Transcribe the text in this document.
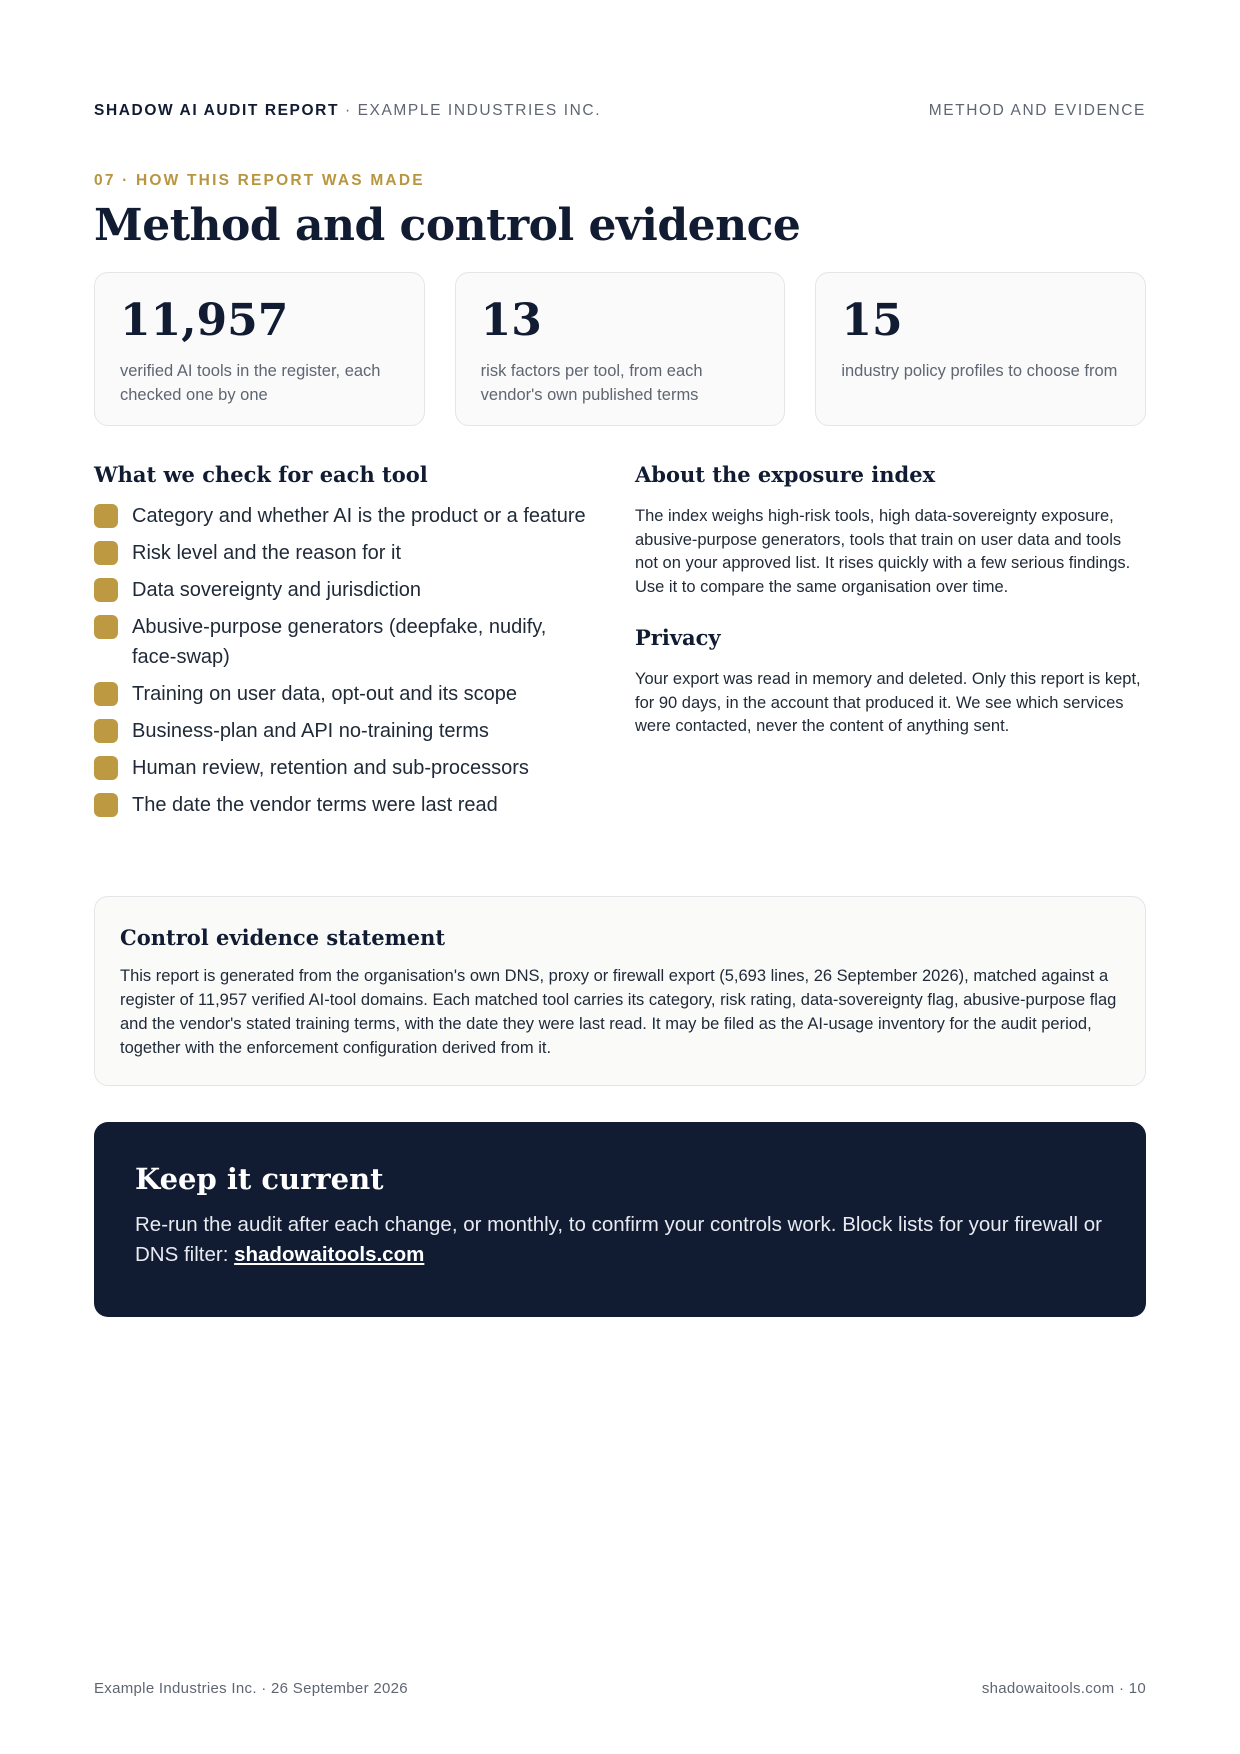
SHADOW AI AUDIT REPORT · EXAMPLE INDUSTRIES INC.	METHOD AND EVIDENCE
07 · HOW THIS REPORT WAS MADE
Method and control evidence
11,957
verified AI tools in the register, each checked one by one
13
risk factors per tool, from each vendor's own published terms
15
industry policy profiles to choose from
What we check for each tool
Category and whether AI is the product or a feature
Risk level and the reason for it
Data sovereignty and jurisdiction
Abusive-purpose generators (deepfake, nudify, face-swap)
Training on user data, opt-out and its scope
Business-plan and API no-training terms
Human review, retention and sub-processors
The date the vendor terms were last read
About the exposure index

The index weighs high-risk tools, high data-sovereignty exposure, abusive-purpose generators, tools that train on user data and tools not on your approved list. It rises quickly with a few serious findings. Use it to compare the same organisation over time.

Privacy

Your export was read in memory and deleted. Only this report is kept, for 90 days, in the account that produced it. We see which services were contacted, never the content of anything sent.

Control evidence statement

This report is generated from the organisation's own DNS, proxy or firewall export (5,693 lines, 26 September 2026), matched against a register of 11,957 verified AI-tool domains. Each matched tool carries its category, risk rating, data-sovereignty flag, abusive-purpose flag and the vendor's stated training terms, with the date they were last read. It may be filed as the AI-usage inventory for the audit period, together with the enforcement configuration derived from it.

Keep it current
Re-run the audit after each change, or monthly, to confirm your controls work. Block lists for your firewall or DNS filter: shadowaitools.com
Example Industries Inc. · 26 September 2026	shadowaitools.com · 10
